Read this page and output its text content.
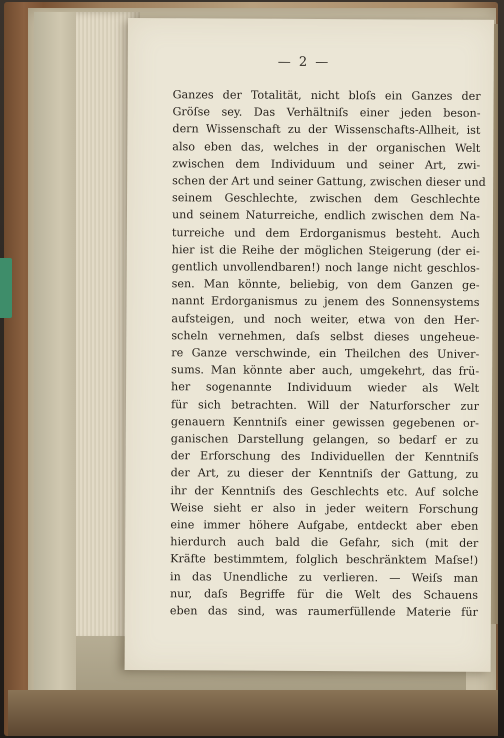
— 2 —
Ganzes der Totalität, nicht bloſs ein Ganzes der
Gröſse sey. Das Verhältniſs einer jeden beson-
dern Wissenschaft zu der Wissenschafts-Allheit, ist
also eben das, welches in der organischen Welt
zwischen dem Individuum und seiner Art, zwi-
schen der Art und seiner Gattung, zwischen dieser und
seinem Geschlechte, zwischen dem Geschlechte
und seinem Naturreiche, endlich zwischen dem Na-
turreiche und dem Erdorganismus besteht. Auch
hier ist die Reihe der möglichen Steigerung (der ei-
gentlich unvollendbaren!) noch lange nicht geschlos-
sen. Man könnte, beliebig, von dem Ganzen ge-
nannt Erdorganismus zu jenem des Sonnensystems
aufsteigen, und noch weiter, etwa von den Her-
scheln vernehmen, daſs selbst dieses ungeheue-
re Ganze verschwinde, ein Theilchen des Univer-
sums. Man könnte aber auch, umgekehrt, das frü-
her sogenannte Individuum wieder als Welt
für sich betrachten. Will der Naturforscher zur
genauern Kenntniſs einer gewissen gegebenen or-
ganischen Darstellung gelangen, so bedarf er zu
der Erforschung des Individuellen der Kenntniſs
der Art, zu dieser der Kenntniſs der Gattung, zu
ihr der Kenntniſs des Geschlechts etc. Auf solche
Weise sieht er also in jeder weitern Forschung
eine immer höhere Aufgabe, entdeckt aber eben
hierdurch auch bald die Gefahr, sich (mit der
Kräfte bestimmtem, folglich beschränktem Maſse!)
in das Unendliche zu verlieren. — Weiſs man
nur, daſs Begriffe für die Welt des Schauens
eben das sind, was raumerfüllende Materie für
